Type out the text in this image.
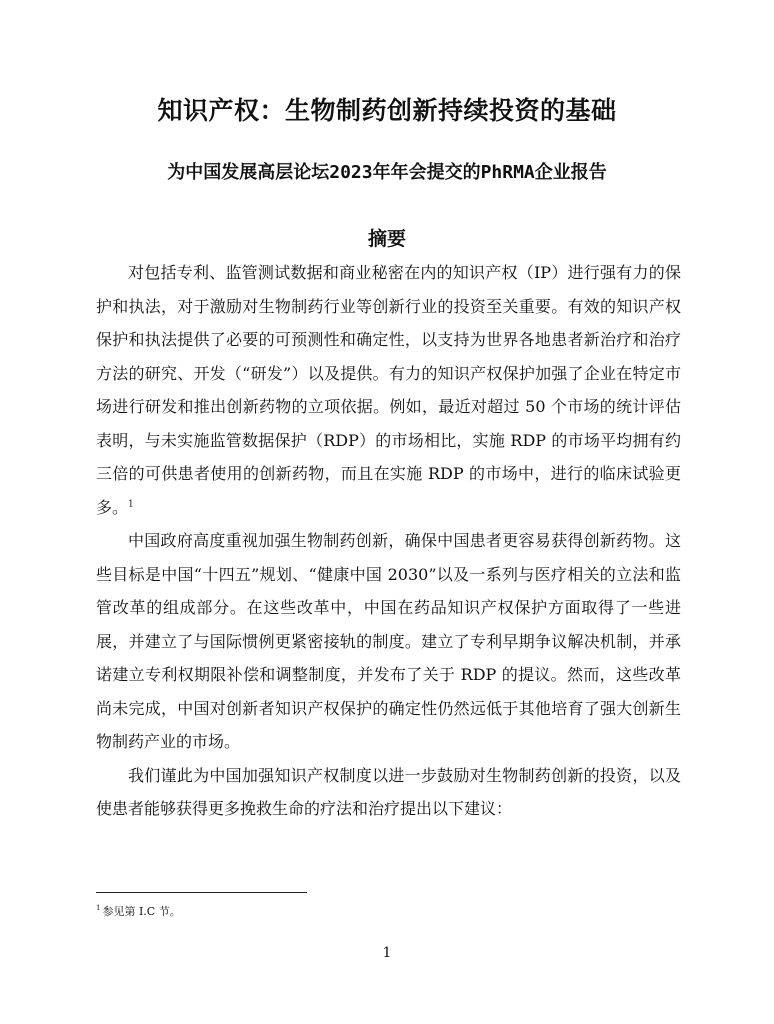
知识产权：生物制药创新持续投资的基础
为中国发展高层论坛2023年年会提交的PhRMA企业报告
摘要

对包括专利、监管测试数据和商业秘密在内的知识产权（IP）进行强有力的保护和执法，对于激励对生物制药行业等创新行业的投资至关重要。有效的知识产权保护和执法提供了必要的可预测性和确定性，以支持为世界各地患者新治疗和治疗方法的研究、开发（“研发”）以及提供。有力的知识产权保护加强了企业在特定市场进行研发和推出创新药物的立项依据。例如，最近对超过 50 个市场的统计评估表明，与未实施监管数据保护（RDP）的市场相比，实施 RDP 的市场平均拥有约三倍的可供患者使用的创新药物，而且在实施 RDP 的市场中，进行的临床试验更多。$^1$

中国政府高度重视加强生物制药创新，确保中国患者更容易获得创新药物。这些目标是中国“十四五”规划、“健康中国 2030”以及一系列与医疗相关的立法和监管改革的组成部分。在这些改革中，中国在药品知识产权保护方面取得了一些进展，并建立了与国际惯例更紧密接轨的制度。建立了专利早期争议解决机制，并承诺建立专利权期限补偿和调整制度，并发布了关于 RDP 的提议。然而，这些改革尚未完成，中国对创新者知识产权保护的确定性仍然远低于其他培育了强大创新生物制药产业的市场。

我们谨此为中国加强知识产权制度以进一步鼓励对生物制药创新的投资，以及使患者能够获得更多挽救生命的疗法和治疗提出以下建议：

$^1$ 参见第 I.C 节。

1
